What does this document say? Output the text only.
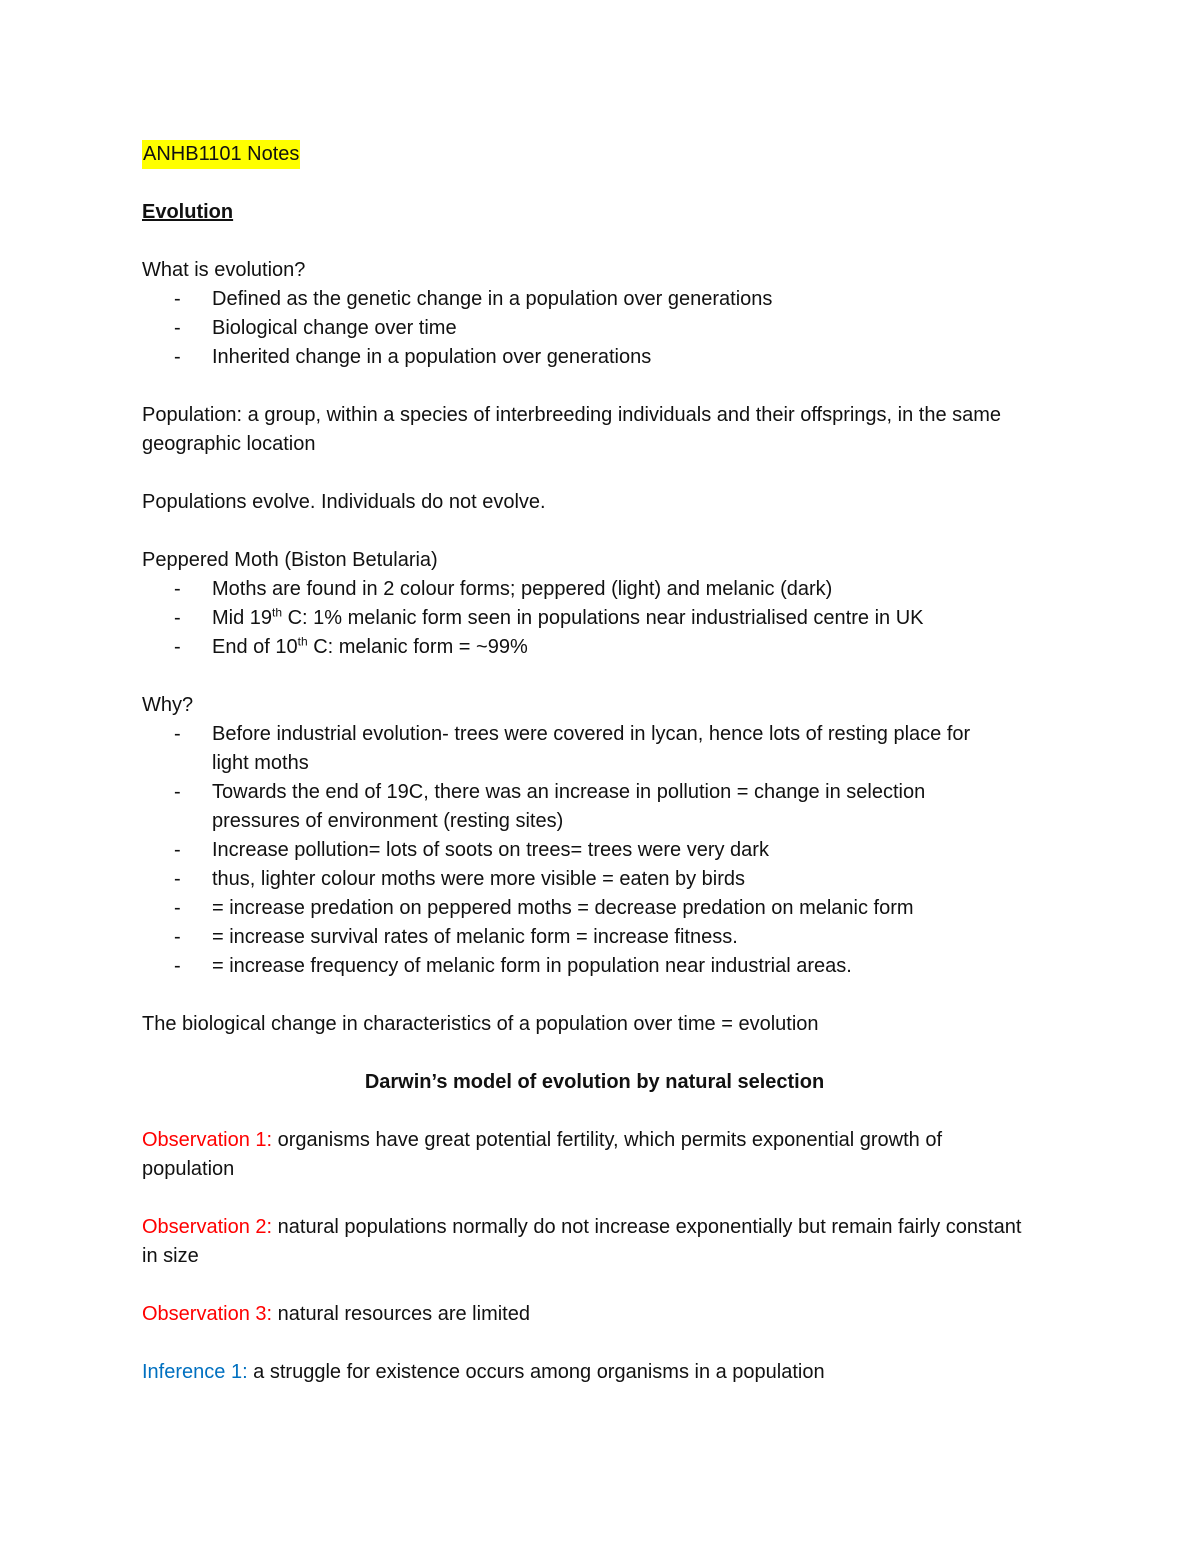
ANHB1101 Notes
Evolution
What is evolution?
- Defined as the genetic change in a population over generations
- Biological change over time
- Inherited change in a population over generations
Population: a group, within a species of interbreeding individuals and their offsprings, in the same geographic location
Populations evolve. Individuals do not evolve.
Peppered Moth (Biston Betularia)
- Moths are found in 2 colour forms; peppered (light) and melanic (dark)
- Mid 19th C: 1% melanic form seen in populations near industrialised centre in UK
- End of 10th C: melanic form = ~99%
Why?
- Before industrial evolution- trees were covered in lycan, hence lots of resting place for light moths
- Towards the end of 19C, there was an increase in pollution = change in selection pressures of environment (resting sites)
- Increase pollution= lots of soots on trees= trees were very dark
- thus, lighter colour moths were more visible = eaten by birds
- = increase predation on peppered moths = decrease predation on melanic form
- = increase survival rates of melanic form = increase fitness.
- = increase frequency of melanic form in population near industrial areas.
The biological change in characteristics of a population over time = evolution
Darwin’s model of evolution by natural selection
Observation 1: organisms have great potential fertility, which permits exponential growth of population
Observation 2: natural populations normally do not increase exponentially but remain fairly constant in size
Observation 3: natural resources are limited
Inference 1: a struggle for existence occurs among organisms in a population
